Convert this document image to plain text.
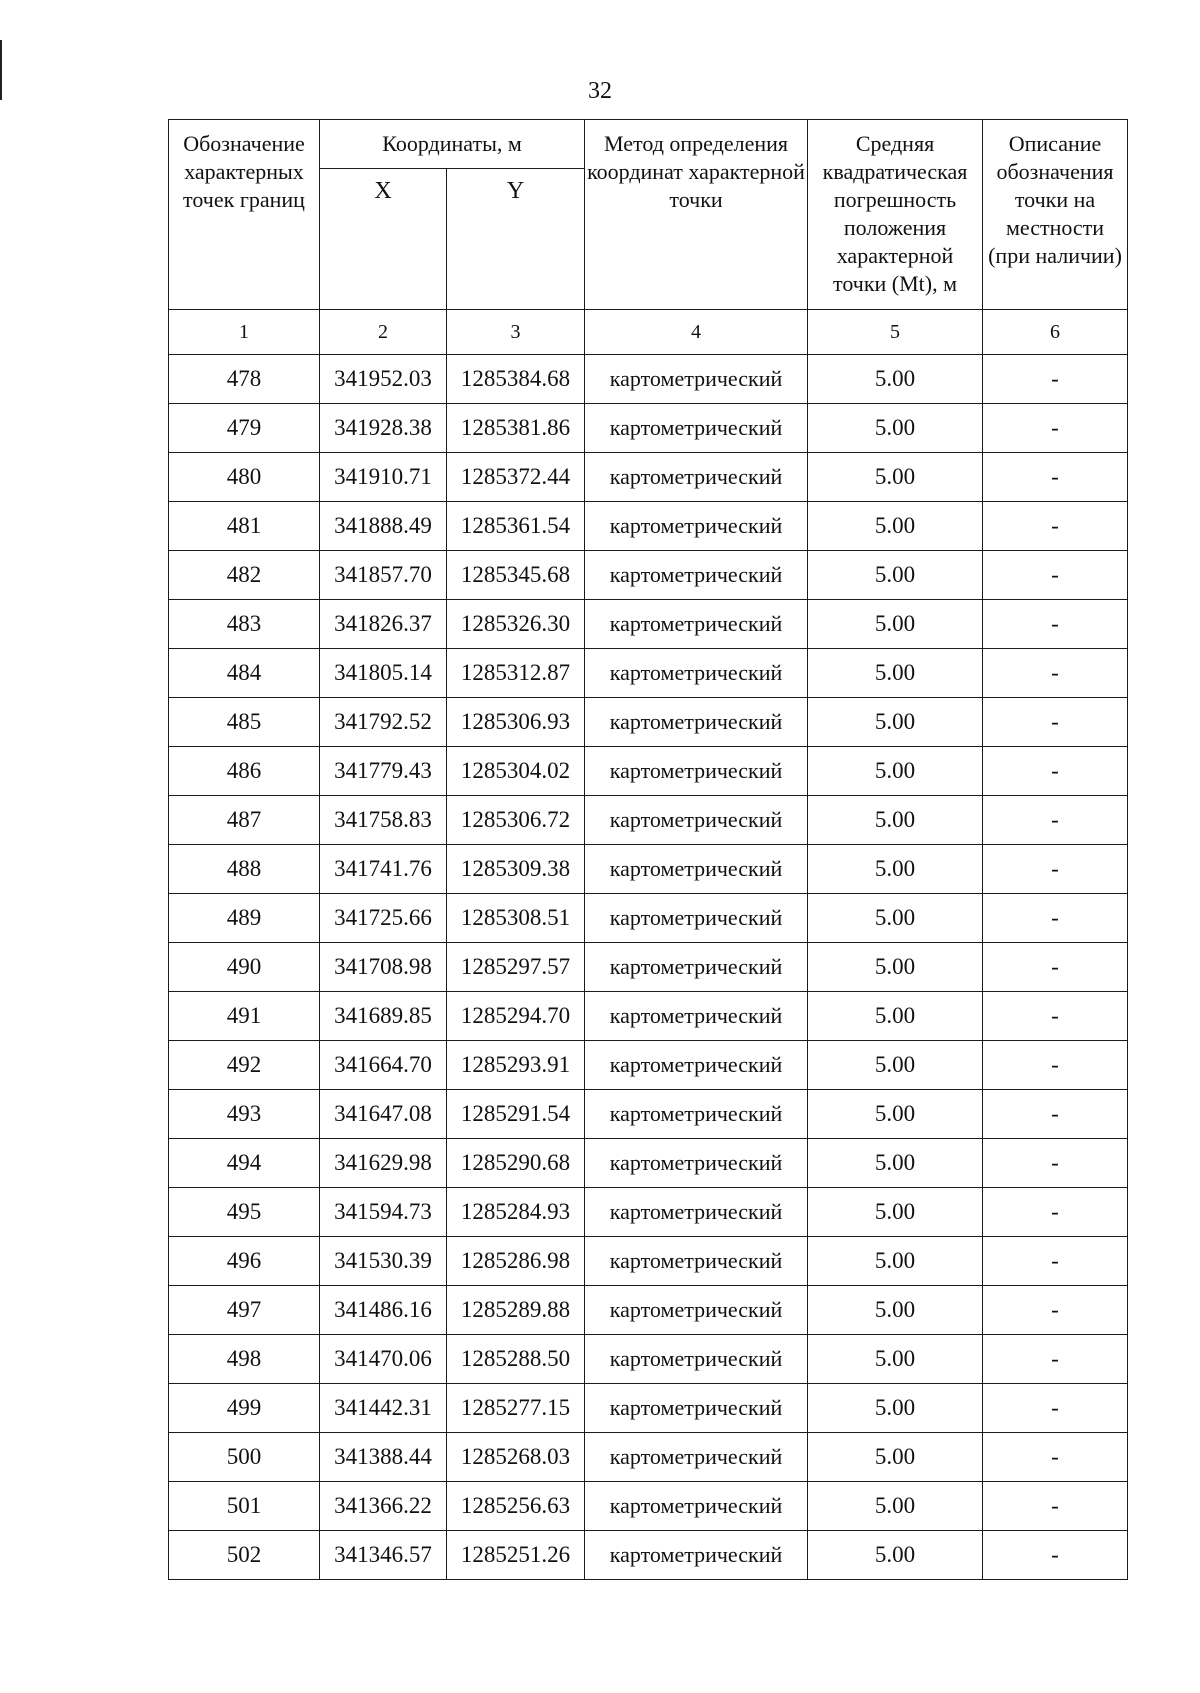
32
Обозначение характерных точек границ	Координаты, м		Метод определения координат характерной точки	Средняя квадратическая погрешность положения характерной точки (Mt), м	Описание обозначения точки на местности (при наличии)
	X	Y			
1	2	3	4	5	6
478	341952.03	1285384.68	картометрический	5.00	-
479	341928.38	1285381.86	картометрический	5.00	-
480	341910.71	1285372.44	картометрический	5.00	-
481	341888.49	1285361.54	картометрический	5.00	-
482	341857.70	1285345.68	картометрический	5.00	-
483	341826.37	1285326.30	картометрический	5.00	-
484	341805.14	1285312.87	картометрический	5.00	-
485	341792.52	1285306.93	картометрический	5.00	-
486	341779.43	1285304.02	картометрический	5.00	-
487	341758.83	1285306.72	картометрический	5.00	-
488	341741.76	1285309.38	картометрический	5.00	-
489	341725.66	1285308.51	картометрический	5.00	-
490	341708.98	1285297.57	картометрический	5.00	-
491	341689.85	1285294.70	картометрический	5.00	-
492	341664.70	1285293.91	картометрический	5.00	-
493	341647.08	1285291.54	картометрический	5.00	-
494	341629.98	1285290.68	картометрический	5.00	-
495	341594.73	1285284.93	картометрический	5.00	-
496	341530.39	1285286.98	картометрический	5.00	-
497	341486.16	1285289.88	картометрический	5.00	-
498	341470.06	1285288.50	картометрический	5.00	-
499	341442.31	1285277.15	картометрический	5.00	-
500	341388.44	1285268.03	картометрический	5.00	-
501	341366.22	1285256.63	картометрический	5.00	-
502	341346.57	1285251.26	картометрический	5.00	-
